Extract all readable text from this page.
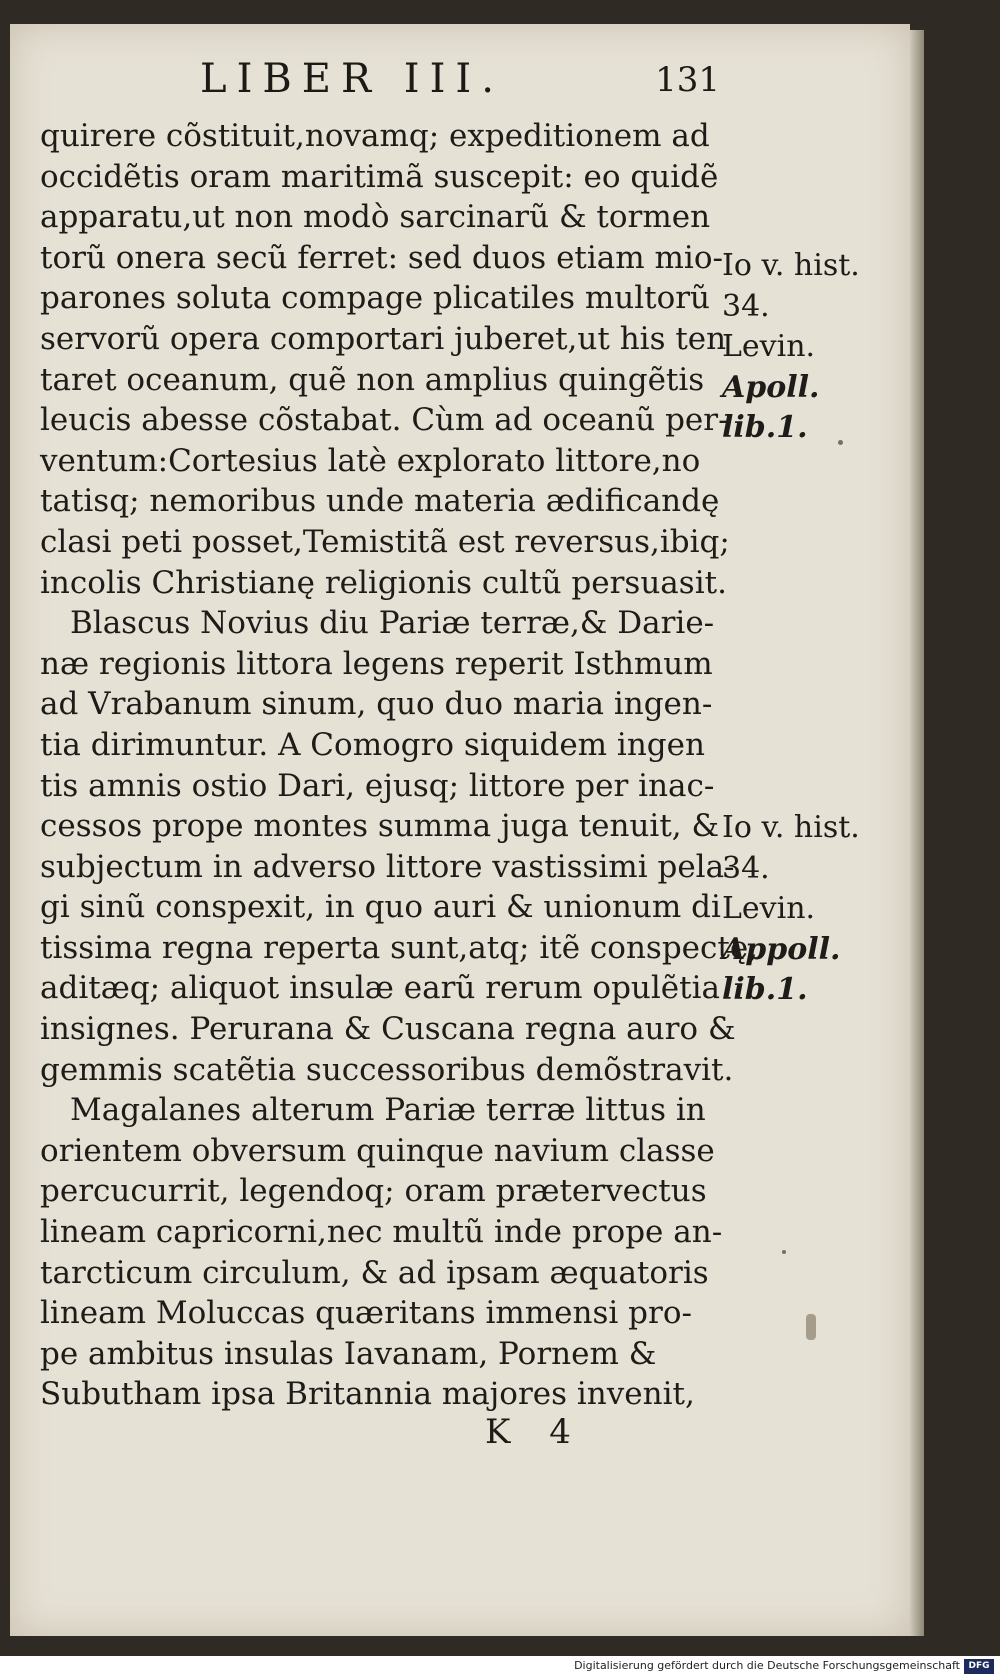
LIBER III.	131
quirere cõstituit,novamq; expeditionem ad
occidẽtis oram maritimã suscepit: eo quidẽ
apparatu,ut non modò sarcinarũ & tormen
torũ onera secũ ferret: sed duos etiam mio-
parones soluta compage plicatiles multorũ
servorũ opera comportari juberet,ut his ten
taret oceanum, quẽ non amplius quingẽtis
leucis abesse cõstabat. Cùm ad oceanũ per-
ventum:Cortesius latè explorato littore,no
tatisq; nemoribus unde materia ædificandę
clasi peti posset,Temistitã est reversus,ibiq;
incolis Christianę religionis cultũ persuasit.
Blascus Novius diu Pariæ terræ,& Darie-
næ regionis littora legens reperit Isthmum
ad Vrabanum sinum, quo duo maria ingen-
tia dirimuntur. A Comogro siquidem ingen
tis amnis ostio Dari, ejusq; littore per inac-
cessos prope montes summa juga tenuit, &
subjectum in adverso littore vastissimi pela-
gi sinũ conspexit, in quo auri & unionum di
tissima regna reperta sunt,atq; itẽ conspectę,
aditæq; aliquot insulæ earũ rerum opulẽtia
insignes. Perurana & Cuscana regna auro &
gemmis scatẽtia successoribus demõstravit.
Magalanes alterum Pariæ terræ littus in
orientem obversum quinque navium classe
percucurrit, legendoq; oram prætervectus
lineam capricorni,nec multũ inde prope an-
tarcticum circulum, & ad ipsam æquatoris
lineam Moluccas quæritans immensi pro-
pe ambitus insulas Iavanam, Pornem &
Subutham ipsa Britannia majores invenit,
Io v. hist.
34.
Levin.
Apoll.
lib.1.
Io v. hist.
34.
Levin.
Appoll.
lib.1.
K 4
Digitalisierung gefördert durch die Deutsche Forschungsgemeinschaft DFG
